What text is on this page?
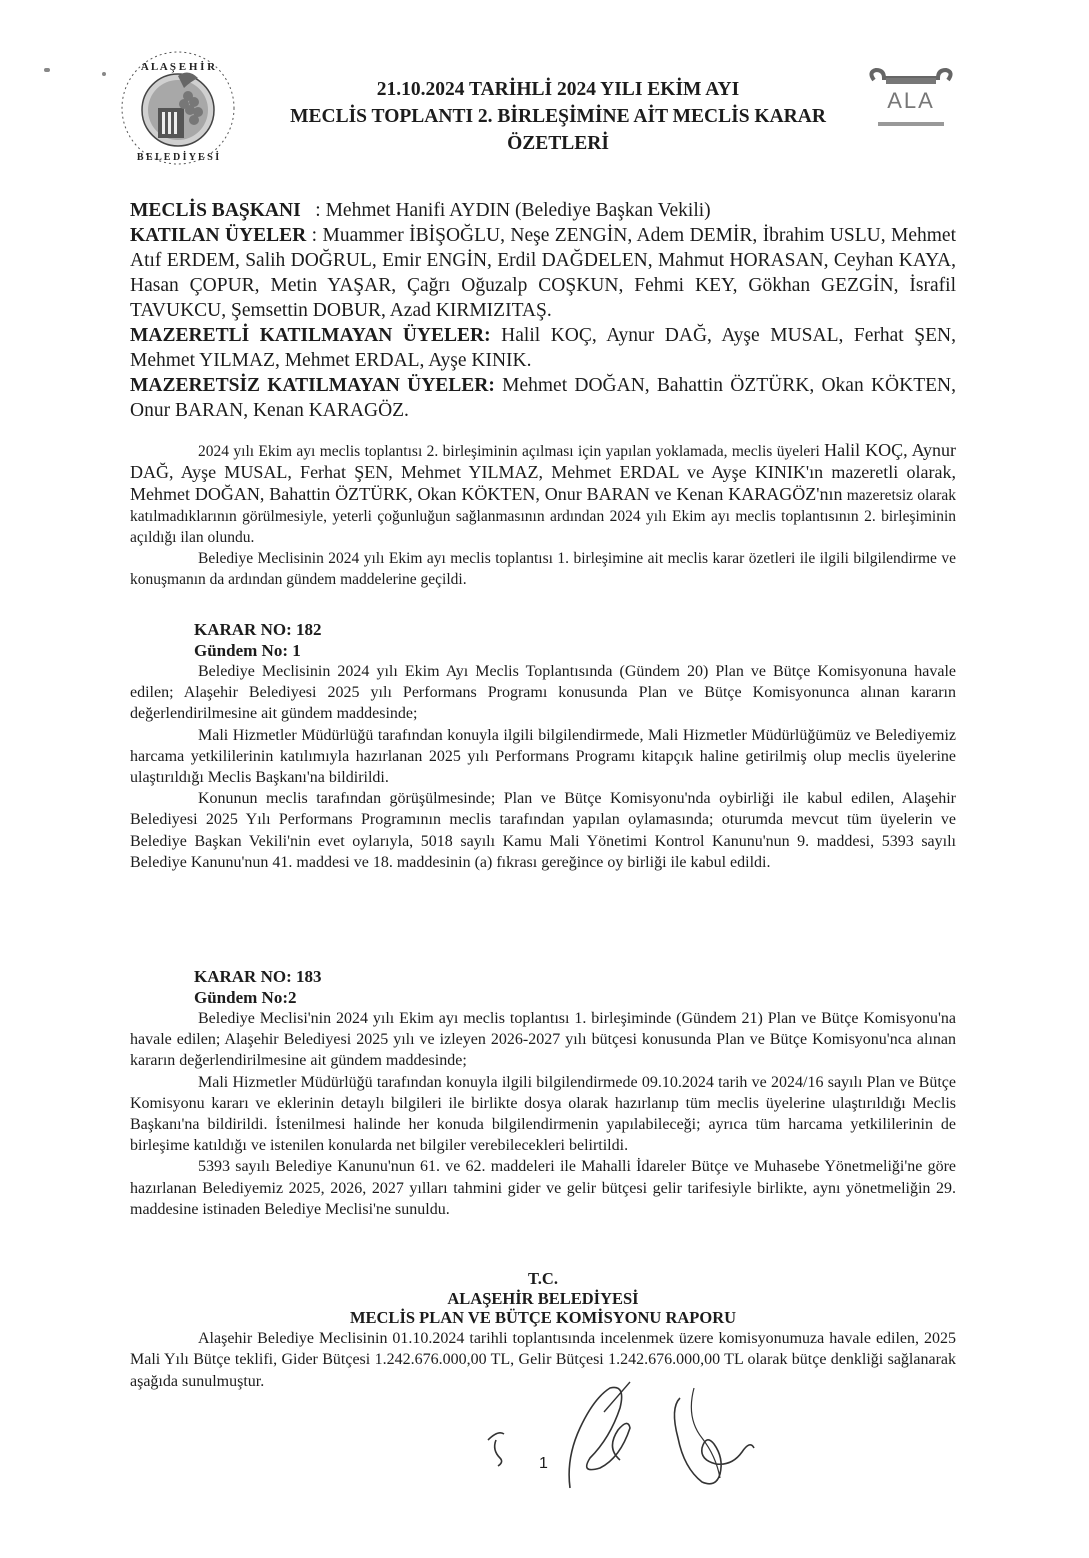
A L A Ş E H İ R
B E L E D İ Y E S İ
21.10.2024 TARİHLİ 2024 YILI EKİM AYI
MECLİS TOPLANTI 2. BİRLEŞİMİNE AİT MECLİS KARAR ÖZETLERİ
ALA

MECLİS BAŞKANI : Mehmet Hanifi AYDIN (Belediye Başkan Vekili)

KATILAN ÜYELER : Muammer İBİŞOĞLU, Neşe ZENGİN, Adem DEMİR, İbrahim USLU, Mehmet Atıf ERDEM, Salih DOĞRUL, Emir ENGİN, Erdil DAĞDELEN, Mahmut HORASAN, Ceyhan KAYA, Hasan ÇOPUR, Metin YAŞAR, Çağrı Oğuzalp COŞKUN, Fehmi KEY, Gökhan GEZGİN, İsrafil TAVUKCU, Şemsettin DOBUR, Azad KIRMIZITAŞ.

MAZERETLİ KATILMAYAN ÜYELER: Halil KOÇ, Aynur DAĞ, Ayşe MUSAL, Ferhat ŞEN, Mehmet YILMAZ, Mehmet ERDAL, Ayşe KINIK.

MAZERETSİZ KATILMAYAN ÜYELER: Mehmet DOĞAN, Bahattin ÖZTÜRK, Okan KÖKTEN, Onur BARAN, Kenan KARAGÖZ.

2024 yılı Ekim ayı meclis toplantısı 2. birleşiminin açılması için yapılan yoklamada, meclis üyeleri Halil KOÇ, Aynur DAĞ, Ayşe MUSAL, Ferhat ŞEN, Mehmet YILMAZ, Mehmet ERDAL ve Ayşe KINIK'ın mazeretli olarak, Mehmet DOĞAN, Bahattin ÖZTÜRK, Okan KÖKTEN, Onur BARAN ve Kenan KARAGÖZ'nın mazeretsiz olarak katılmadıklarının görülmesiyle, yeterli çoğunluğun sağlanmasının ardından 2024 yılı Ekim ayı meclis toplantısının 2. birleşiminin açıldığı ilan olundu.

Belediye Meclisinin 2024 yılı Ekim ayı meclis toplantısı 1. birleşimine ait meclis karar özetleri ile ilgili bilgilendirme ve konuşmanın da ardından gündem maddelerine geçildi.

KARAR NO: 182
Gündem No: 1

Belediye Meclisinin 2024 yılı Ekim Ayı Meclis Toplantısında (Gündem 20) Plan ve Bütçe Komisyonuna havale edilen; Alaşehir Belediyesi 2025 yılı Performans Programı konusunda Plan ve Bütçe Komisyonunca alınan kararın değerlendirilmesine ait gündem maddesinde;

Mali Hizmetler Müdürlüğü tarafından konuyla ilgili bilgilendirmede, Mali Hizmetler Müdürlüğümüz ve Belediyemiz harcama yetkililerinin katılımıyla hazırlanan 2025 yılı Performans Programı kitapçık haline getirilmiş olup meclis üyelerine ulaştırıldığı Meclis Başkanı'na bildirildi.

Konunun meclis tarafından görüşülmesinde; Plan ve Bütçe Komisyonu'nda oybirliği ile kabul edilen, Alaşehir Belediyesi 2025 Yılı Performans Programının meclis tarafından yapılan oylamasında; oturumda mevcut tüm üyelerin ve Belediye Başkan Vekili'nin evet oylarıyla, 5018 sayılı Kamu Mali Yönetimi Kontrol Kanunu'nun 9. maddesi, 5393 sayılı Belediye Kanunu'nun 41. maddesi ve 18. maddesinin (a) fıkrası gereğince oy birliği ile kabul edildi.

KARAR NO: 183
Gündem No:2

Belediye Meclisi'nin 2024 yılı Ekim ayı meclis toplantısı 1. birleşiminde (Gündem 21) Plan ve Bütçe Komisyonu'na havale edilen; Alaşehir Belediyesi 2025 yılı ve izleyen 2026-2027 yılı bütçesi konusunda Plan ve Bütçe Komisyonu'nca alınan kararın değerlendirilmesine ait gündem maddesinde;

Mali Hizmetler Müdürlüğü tarafından konuyla ilgili bilgilendirmede 09.10.2024 tarih ve 2024/16 sayılı Plan ve Bütçe Komisyonu kararı ve eklerinin detaylı bilgileri ile birlikte dosya olarak hazırlanıp tüm meclis üyelerine ulaştırıldığı Meclis Başkanı'na bildirildi. İstenilmesi halinde her konuda bilgilendirmenin yapılabileceği; ayrıca tüm harcama yetkililerinin de birleşime katıldığı ve istenilen konularda net bilgiler verebilecekleri belirtildi.

5393 sayılı Belediye Kanunu'nun 61. ve 62. maddeleri ile Mahalli İdareler Bütçe ve Muhasebe Yönetmeliği'ne göre hazırlanan Belediyemiz 2025, 2026, 2027 yılları tahmini gider ve gelir bütçesi gelir tarifesiyle birlikte, aynı yönetmeliğin 29. maddesine istinaden Belediye Meclisi'ne sunuldu.

T.C.

ALAŞEHİR BELEDİYESİ

MECLİS PLAN VE BÜTÇE KOMİSYONU RAPORU

Alaşehir Belediye Meclisinin 01.10.2024 tarihli toplantısında incelenmek üzere komisyonumuza havale edilen, 2025 Mali Yılı Bütçe teklifi, Gider Bütçesi 1.242.676.000,00 TL, Gelir Bütçesi 1.242.676.000,00 TL olarak bütçe denkliği sağlanarak aşağıda sunulmuştur.

1
